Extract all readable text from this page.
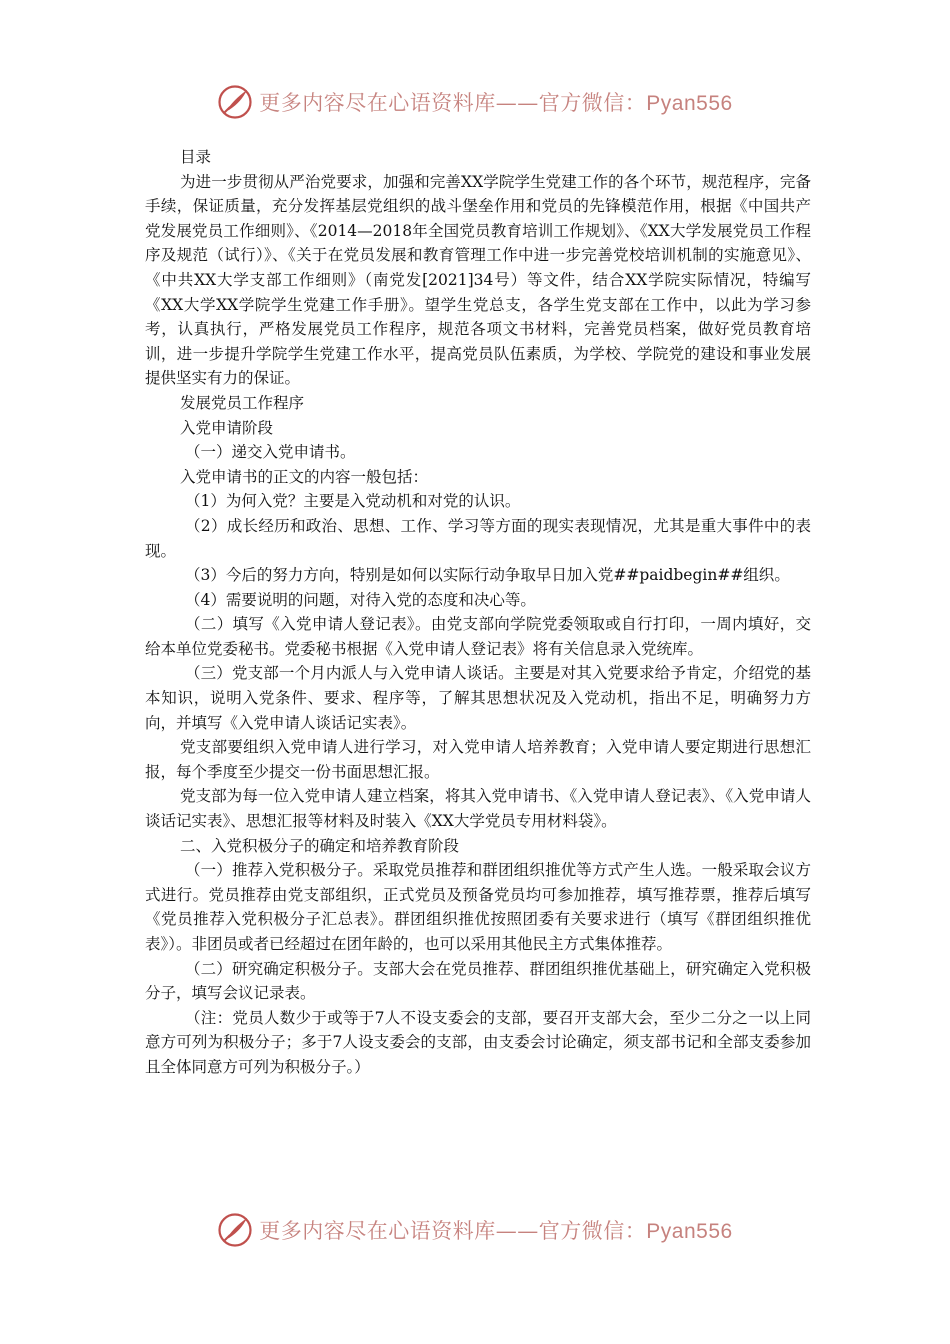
更多内容尽在心语资料库——官方微信：Pyan556

目录

为进一步贯彻从严治党要求，加强和完善XX学院学生党建工作的各个环节，规范程序，完备手续，保证质量，充分发挥基层党组织的战斗堡垒作用和党员的先锋模范作用，根据《中国共产党发展党员工作细则》、《2014—2018年全国党员教育培训工作规划》、《XX大学发展党员工作程序及规范（试行）》、《关于在党员发展和教育管理工作中进一步完善党校培训机制的实施意见》、《中共XX大学支部工作细则》（南党发[2021]34号）等文件，结合XX学院实际情况，特编写《XX大学XX学院学生党建工作手册》。望学生党总支，各学生党支部在工作中，以此为学习参考，认真执行，严格发展党员工作程序，规范各项文书材料，完善党员档案，做好党员教育培训，进一步提升学院学生党建工作水平，提高党员队伍素质，为学校、学院党的建设和事业发展提供坚实有力的保证。

发展党员工作程序

入党申请阶段

（一）递交入党申请书。

入党申请书的正文的内容一般包括：

（1）为何入党？主要是入党动机和对党的认识。

（2）成长经历和政治、思想、工作、学习等方面的现实表现情况，尤其是重大事件中的表现。

（3）今后的努力方向，特别是如何以实际行动争取早日加入党##paidbegin##组织。

（4）需要说明的问题，对待入党的态度和决心等。

（二）填写《入党申请人登记表》。由党支部向学院党委领取或自行打印，一周内填好，交给本单位党委秘书。党委秘书根据《入党申请人登记表》将有关信息录入党统库。

（三）党支部一个月内派人与入党申请人谈话。主要是对其入党要求给予肯定，介绍党的基本知识，说明入党条件、要求、程序等，了解其思想状况及入党动机，指出不足，明确努力方向，并填写《入党申请人谈话记实表》。

党支部要组织入党申请人进行学习，对入党申请人培养教育；入党申请人要定期进行思想汇报，每个季度至少提交一份书面思想汇报。

党支部为每一位入党申请人建立档案，将其入党申请书、《入党申请人登记表》、《入党申请人谈话记实表》、思想汇报等材料及时装入《XX大学党员专用材料袋》。

二、入党积极分子的确定和培养教育阶段

（一）推荐入党积极分子。采取党员推荐和群团组织推优等方式产生人选。一般采取会议方式进行。党员推荐由党支部组织，正式党员及预备党员均可参加推荐，填写推荐票，推荐后填写《党员推荐入党积极分子汇总表》。群团组织推优按照团委有关要求进行（填写《群团组织推优表》）。非团员或者已经超过在团年龄的，也可以采用其他民主方式集体推荐。

（二）研究确定积极分子。支部大会在党员推荐、群团组织推优基础上，研究确定入党积极分子，填写会议记录表。

（注：党员人数少于或等于7人不设支委会的支部，要召开支部大会，至少二分之一以上同意方可列为积极分子；多于7人设支委会的支部，由支委会讨论确定，须支部书记和全部支委参加且全体同意方可列为积极分子。）

更多内容尽在心语资料库——官方微信：Pyan556
